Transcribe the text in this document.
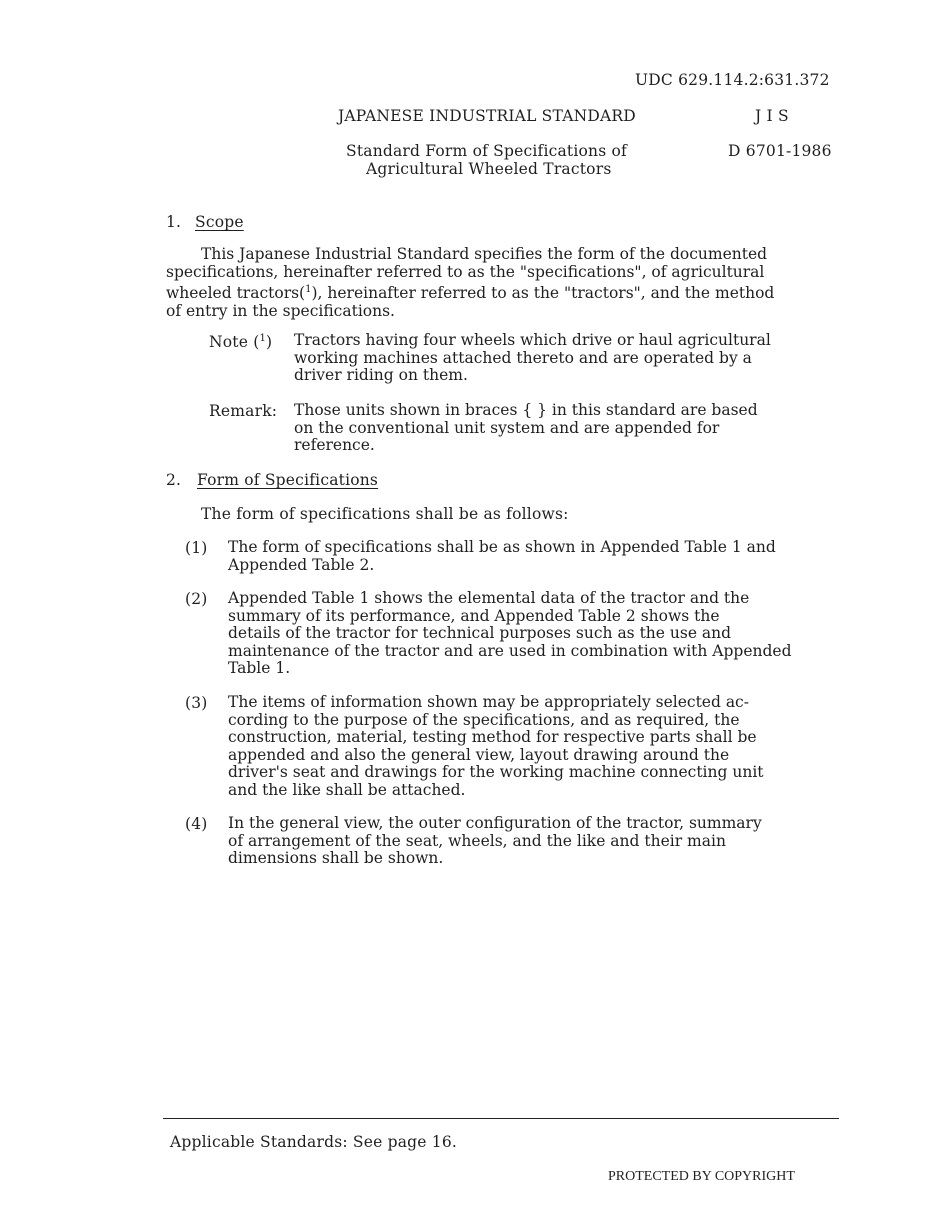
UDC 629.114.2:631.372
JAPANESE INDUSTRIAL STANDARD	J I S
Standard Form of Specifications of
Agricultural Wheeled Tractors
D 6701-1986
1. Scope
This Japanese Industrial Standard specifies the form of the documented
specifications, hereinafter referred to as the "specifications", of agricultural
wheeled tractors($^1$), hereinafter referred to as the "tractors", and the method
of entry in the specifications.
Note ($^1$) Tractors having four wheels which drive or haul agricultural
working machines attached thereto and are operated by a
driver riding on them.
Remark: Those units shown in braces { } in this standard are based
on the conventional unit system and are appended for
reference.
2. Form of Specifications
The form of specifications shall be as follows:
(1) The form of specifications shall be as shown in Appended Table 1 and
Appended Table 2.
(2) Appended Table 1 shows the elemental data of the tractor and the
summary of its performance, and Appended Table 2 shows the
details of the tractor for technical purposes such as the use and
maintenance of the tractor and are used in combination with Appended
Table 1.
(3) The items of information shown may be appropriately selected ac-
cording to the purpose of the specifications, and as required, the
construction, material, testing method for respective parts shall be
appended and also the general view, layout drawing around the
driver's seat and drawings for the working machine connecting unit
and the like shall be attached.
(4) In the general view, the outer configuration of the tractor, summary
of arrangement of the seat, wheels, and the like and their main
dimensions shall be shown.
Applicable Standards: See page 16.
PROTECTED BY COPYRIGHT
